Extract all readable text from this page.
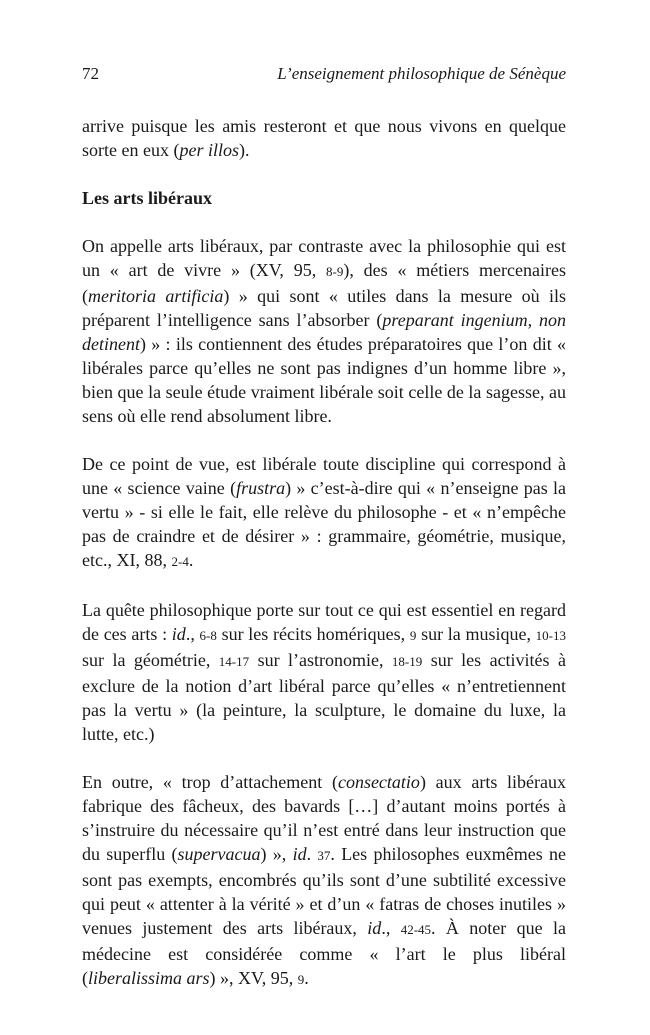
72	L’enseignement philosophique de Sénèque

arrive puisque les amis resteront et que nous vivons en quelque sorte en eux (per illos).

Les arts libéraux

On appelle arts libéraux, par contraste avec la philosophie qui est un « art de vivre » (XV, 95, 8-9), des « métiers mercenaires (meritoria artificia) » qui sont « utiles dans la mesure où ils préparent l’intelligence sans l’absorber (preparant ingenium, non detinent) » : ils contiennent des études préparatoires que l’on dit « libérales parce qu’elles ne sont pas indignes d’un homme libre », bien que la seule étude vraiment libérale soit celle de la sagesse, au sens où elle rend absolument libre.

De ce point de vue, est libérale toute discipline qui correspond à une « science vaine (frustra) » c’est-à-dire qui « n’enseigne pas la vertu » - si elle le fait, elle relève du philosophe - et « n’empêche pas de craindre et de désirer » : grammaire, géométrie, musique, etc., XI, 88, 2-4.

La quête philosophique porte sur tout ce qui est essentiel en regard de ces arts : id., 6-8 sur les récits homériques, 9 sur la musique, 10-13 sur la géométrie, 14-17 sur l’astronomie, 18-19 sur les activités à exclure de la notion d’art libéral parce qu’elles « n’entretiennent pas la vertu » (la peinture, la sculpture, le domaine du luxe, la lutte, etc.)

En outre, « trop d’attachement (consectatio) aux arts libéraux fabrique des fâcheux, des bavards […] d’autant moins portés à s’instruire du nécessaire qu’il n’est entré dans leur instruction que du superflu (supervacua) », id. 37. Les philosophes euxmêmes ne sont pas exempts, encombrés qu’ils sont d’une subtilité excessive qui peut « attenter à la vérité » et d’un « fatras de choses inutiles » venues justement des arts libéraux, id., 42-45. À noter que la médecine est considérée comme « l’art le plus libéral (liberalissima ars) », XV, 95, 9.
